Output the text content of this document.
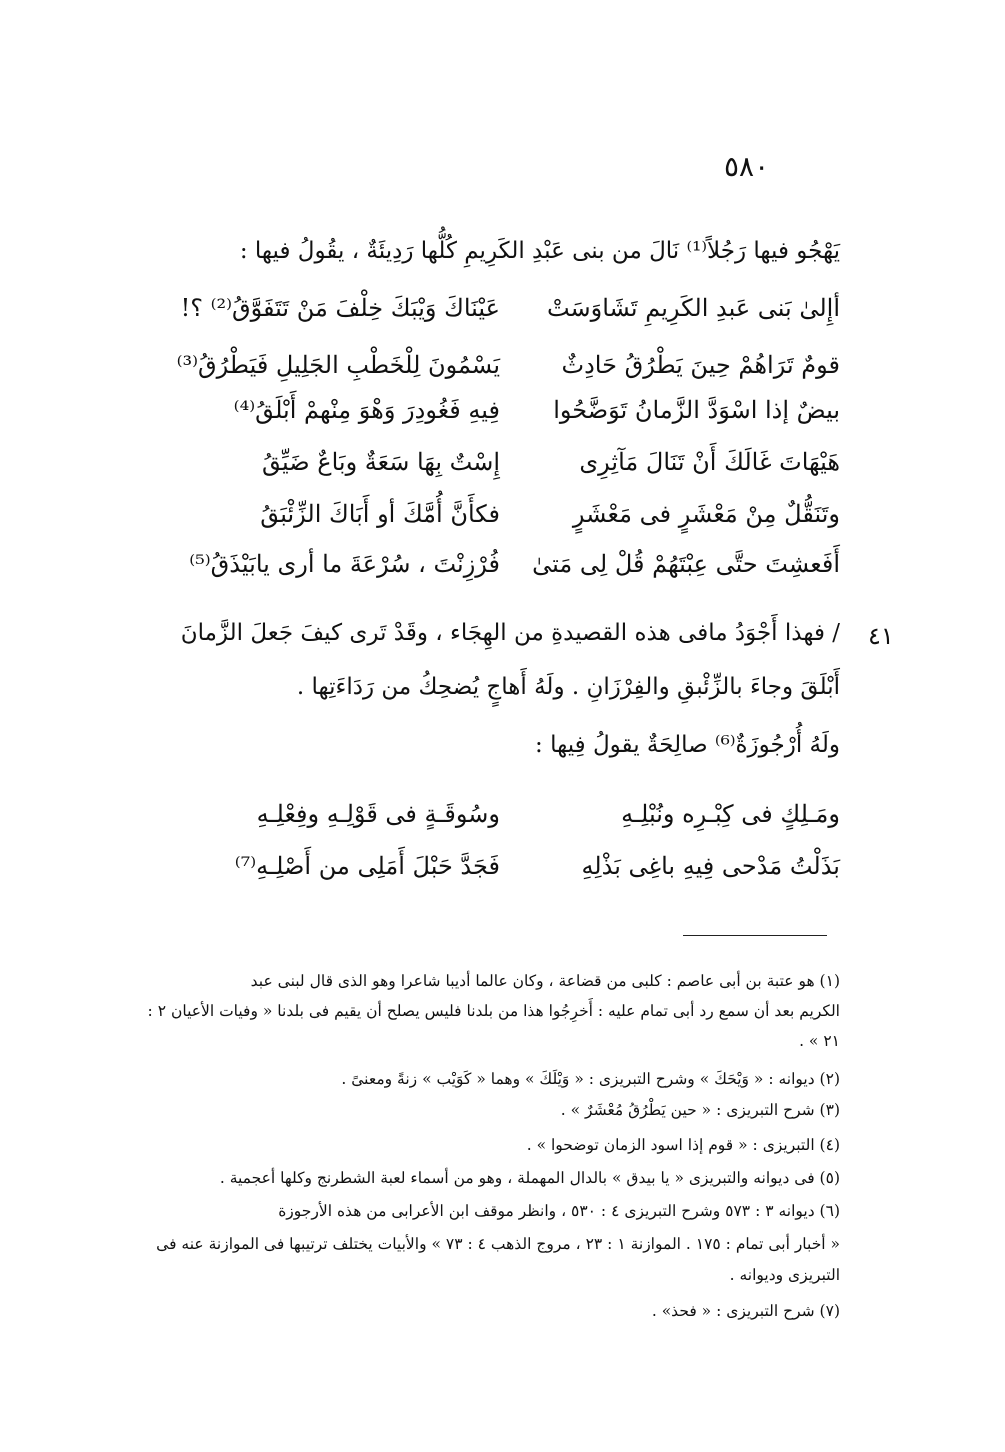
٥٨٠
يَهْجُو فيها رَجُلاً⁽¹⁾ نَالَ من بنى عَبْدِ الكَرِيمِ كُلُّها رَدِيئَةٌ ، يقُولُ فيها :
أإِلىٰ بَنى عَبدِ الكَرِيمِ تَشَاوَسَتْ
عَيْنَاكَ وَيْبَكَ خِلْفَ مَنْ تَتَفَوَّقُ⁽²⁾ ؟!
قومٌ تَرَاهُمْ حِينَ يَطْرُقُ حَادِثٌ
يَسْمُونَ لِلْخَطْبِ الجَلِيلِ فَيَطْرُقُ⁽³⁾
بيضٌ إذا اسْوَدَّ الزَّمانُ تَوَضَّحُوا
فِيهِ فَغُودِرَ وَهْوَ مِنْهمْ أَبْلَقُ⁽⁴⁾
هَيْهَاتَ غَالَكَ أَنْ تَنَالَ مَآثِرِى
إِسْتٌ بِهَا سَعَةٌ وبَاعٌ ضَيِّقُ
وتَنَقُّلٌ مِنْ مَعْشَرٍ فى مَعْشَرٍ
فكأَنَّ أُمَّكَ أو أَبَاكَ الزِّئْبَقُ
أَفَعشِتَ حتَّى عِبْتَهُمْ قُلْ لِى مَتىٰ
فُرْزِنْتَ ، سُرْعَةَ ما أرى يابَيْذَقُ⁽⁵⁾
٤١
/ فهذا أَجْوَدُ مافى هذه القصيدةِ من الهِجَاء ، وقَدْ تَرى كيفَ جَعلَ الزَّمانَ
أَبْلَقَ وجاءَ بالزِّئْبقِ والفِرْزَانِ . ولَهُ أَهاجٍ يُضحِكُ من رَدَاءَتِها .
ولَهُ أُرْجُوزَةٌ⁽⁶⁾ صالِحَةٌ يقولُ فِيها :
ومَـلِكٍ فى كِبْـرِه ونُبْلِـهِ
وسُوقَـةٍ فى قَوْلِـهِ وفِعْلِـهِ
بَذَلْتُ مَدْحى فِيهِ باغِى بَذْلِهِ
فَجَدَّ حَبْلَ أَمَلِى من أَصْلِـهِ⁽⁷⁾
(١) هو عتبة بن أبى عاصم : كلبى من قضاعة ، وكان عالما أديبا شاعرا وهو الذى قال لبنى عبد
الكريم بعد أن سمع رد أبى تمام عليه : أَخرِجُوا هذا من بلدنا فليس يصلح أن يقيم فى بلدنا « وفيات الأعيان ٢ :
٢١ » .
(٢) ديوانه : « وَيْحَكَ » وشرح التبريزى : « وَيْلَكَ » وهما « كَوَيْب » زنةً ومعنىً .
(٣) شرح التبريزى : « حين يَطْرُقُ مُعْشَرٌ » .
(٤) التبريزى : « قوم إذا اسود الزمان توضحوا » .
(٥) فى ديوانه والتبريزى « يا بيدق » بالدال المهملة ، وهو من أسماء لعبة الشطرنج وكلها أعجمية .
(٦) ديوانه ٣ : ٥٧٣ وشرح التبريزى ٤ : ٥٣٠ ، وانظر موقف ابن الأعرابى من هذه الأرجوزة
« أخبار أبى تمام : ١٧٥ . الموازنة ١ : ٢٣ ، مروج الذهب ٤ : ٧٣ » والأبيات يختلف ترتيبها فى الموازنة عنه فى
التبريزى وديوانه .
(٧) شرح التبريزى : « فحذ» .
